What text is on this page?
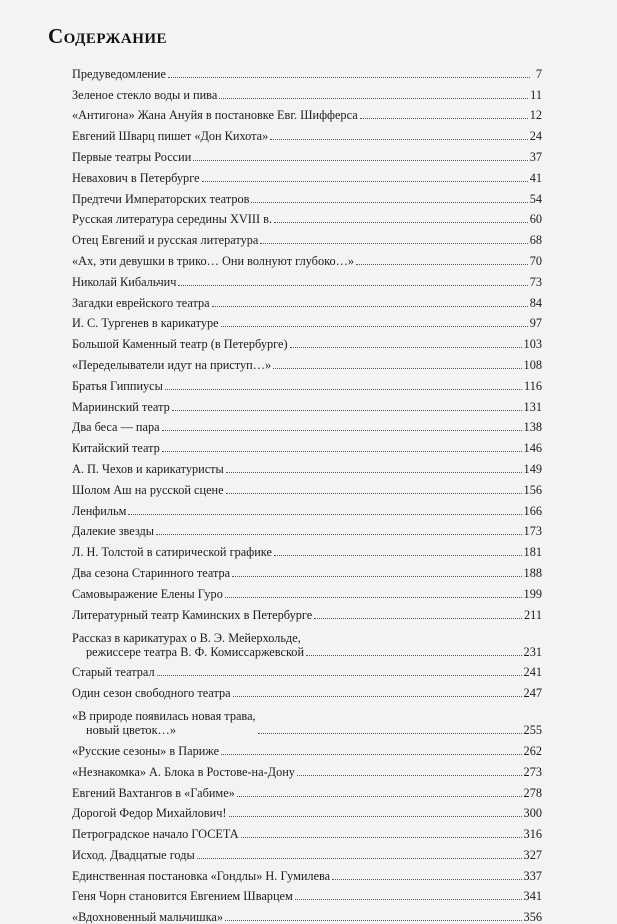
Содержание
Предуведомление	7
Зеленое стекло воды и пива	11
«Антигона» Жана Ануйя в постановке Евг. Шифферса	12
Евгений Шварц пишет «Дон Кихота»	24
Первые театры России	37
Невахович в Петербурге	41
Предтечи Императорских театров	54
Русская литература середины XVIII в.	60
Отец Евгений и русская литература	68
«Ах, эти девушки в трико… Они волнуют глубоко…»	70
Николай Кибальчич	73
Загадки еврейского театра	84
И. С. Тургенев в карикатуре	97
Большой Каменный театр (в Петербурге)	103
«Переделыватели идут на приступ…»	108
Братья Гиппиусы	116
Мариинский театр	131
Два беса — пара	138
Китайский театр	146
А. П. Чехов и карикатуристы	149
Шолом Аш на русской сцене	156
Ленфильм	166
Далекие звезды	173
Л. Н. Толстой в сатирической графике	181
Два сезона Старинного театра	188
Самовыражение Елены Гуро	199
Литературный театр Каминских в Петербурге	211
Рассказ в карикатурах о В. Э. Мейерхольде,
режиссере театра В. Ф. Комиссаржевской	231
Старый театрал	241
Один сезон свободного театра	247
«В природе появилась новая трава,
новый цветок…»	255
«Русские сезоны» в Париже	262
«Незнакомка» А. Блока в Ростове-на-Дону	273
Евгений Вахтангов в «Габиме»	278
Дорогой Федор Михайлович!	300
Петроградское начало ГОСЕТА	316
Исход. Двадцатые годы	327
Единственная постановка «Гондлы» Н. Гумилева	337
Геня Чорн становится Евгением Шварцем	341
«Вдохновенный мальчишка»	356
